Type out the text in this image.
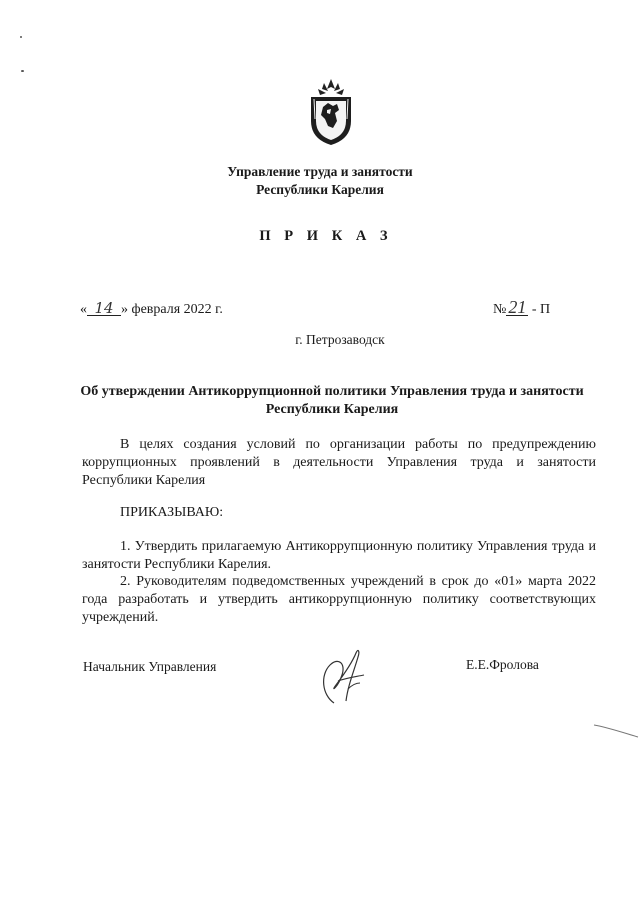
Управление труда и занятости
Республики Карелия
П Р И К А З
« 14 » февраля 2022 г.	№ 21 - П
г. Петрозаводск
Об утверждении Антикоррупционной политики Управления труда и занятости Республики Карелия
В целях создания условий по организации работы по предупреждению коррупционных проявлений в деятельности Управления труда и занятости Республики Карелия
ПРИКАЗЫВАЮ:
1. Утвердить прилагаемую Антикоррупционную политику Управления труда и занятости Республики Карелия.
2. Руководителям подведомственных учреждений в срок до «01» марта 2022 года разработать и утвердить антикоррупционную политику соответствующих учреждений.
Начальник Управления	Е.Е.Фролова
